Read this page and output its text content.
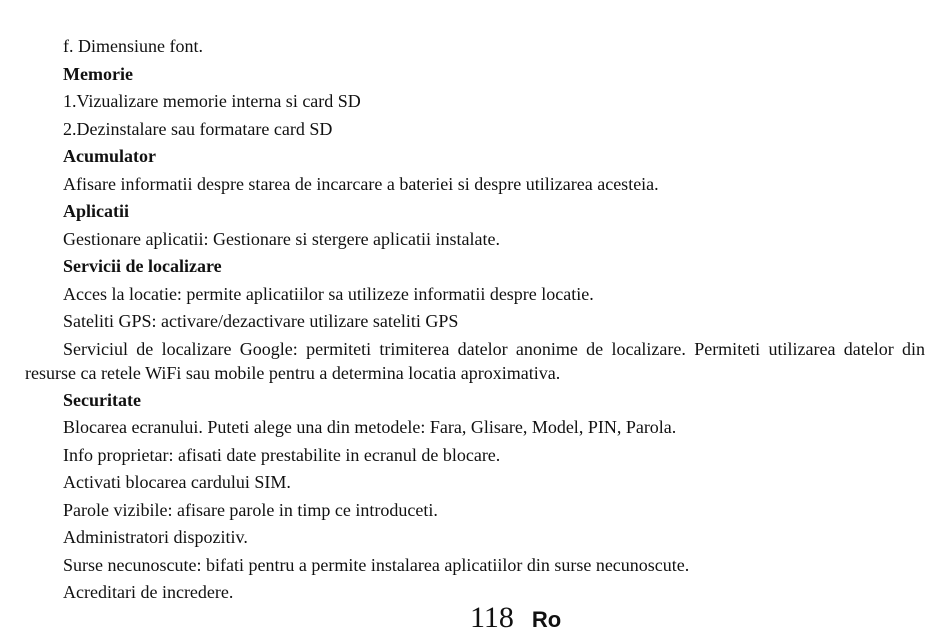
f. Dimensiune font.
Memorie
1.Vizualizare memorie interna si card SD
2.Dezinstalare sau formatare card SD
Acumulator
Afisare informatii despre starea de incarcare a bateriei si despre utilizarea acesteia.
Aplicatii
Gestionare aplicatii: Gestionare si stergere aplicatii instalate.
Servicii de localizare
Acces la locatie: permite aplicatiilor sa utilizeze informatii despre locatie.
Sateliti GPS: activare/dezactivare utilizare sateliti GPS
Serviciul de localizare Google: permiteti trimiterea datelor anonime de localizare. Permiteti utilizarea datelor din resurse ca retele WiFi sau mobile pentru a determina locatia aproximativa.
Securitate
Blocarea ecranului. Puteti alege una din metodele: Fara, Glisare, Model, PIN, Parola.
Info proprietar: afisati date prestabilite in ecranul de blocare.
Activati blocarea cardului SIM.
Parole vizibile: afisare parole in timp ce introduceti.
Administratori dispozitiv.
Surse necunoscute: bifati pentru a permite instalarea aplicatiilor din surse necunoscute.
Acreditari de incredere.
118 Ro
